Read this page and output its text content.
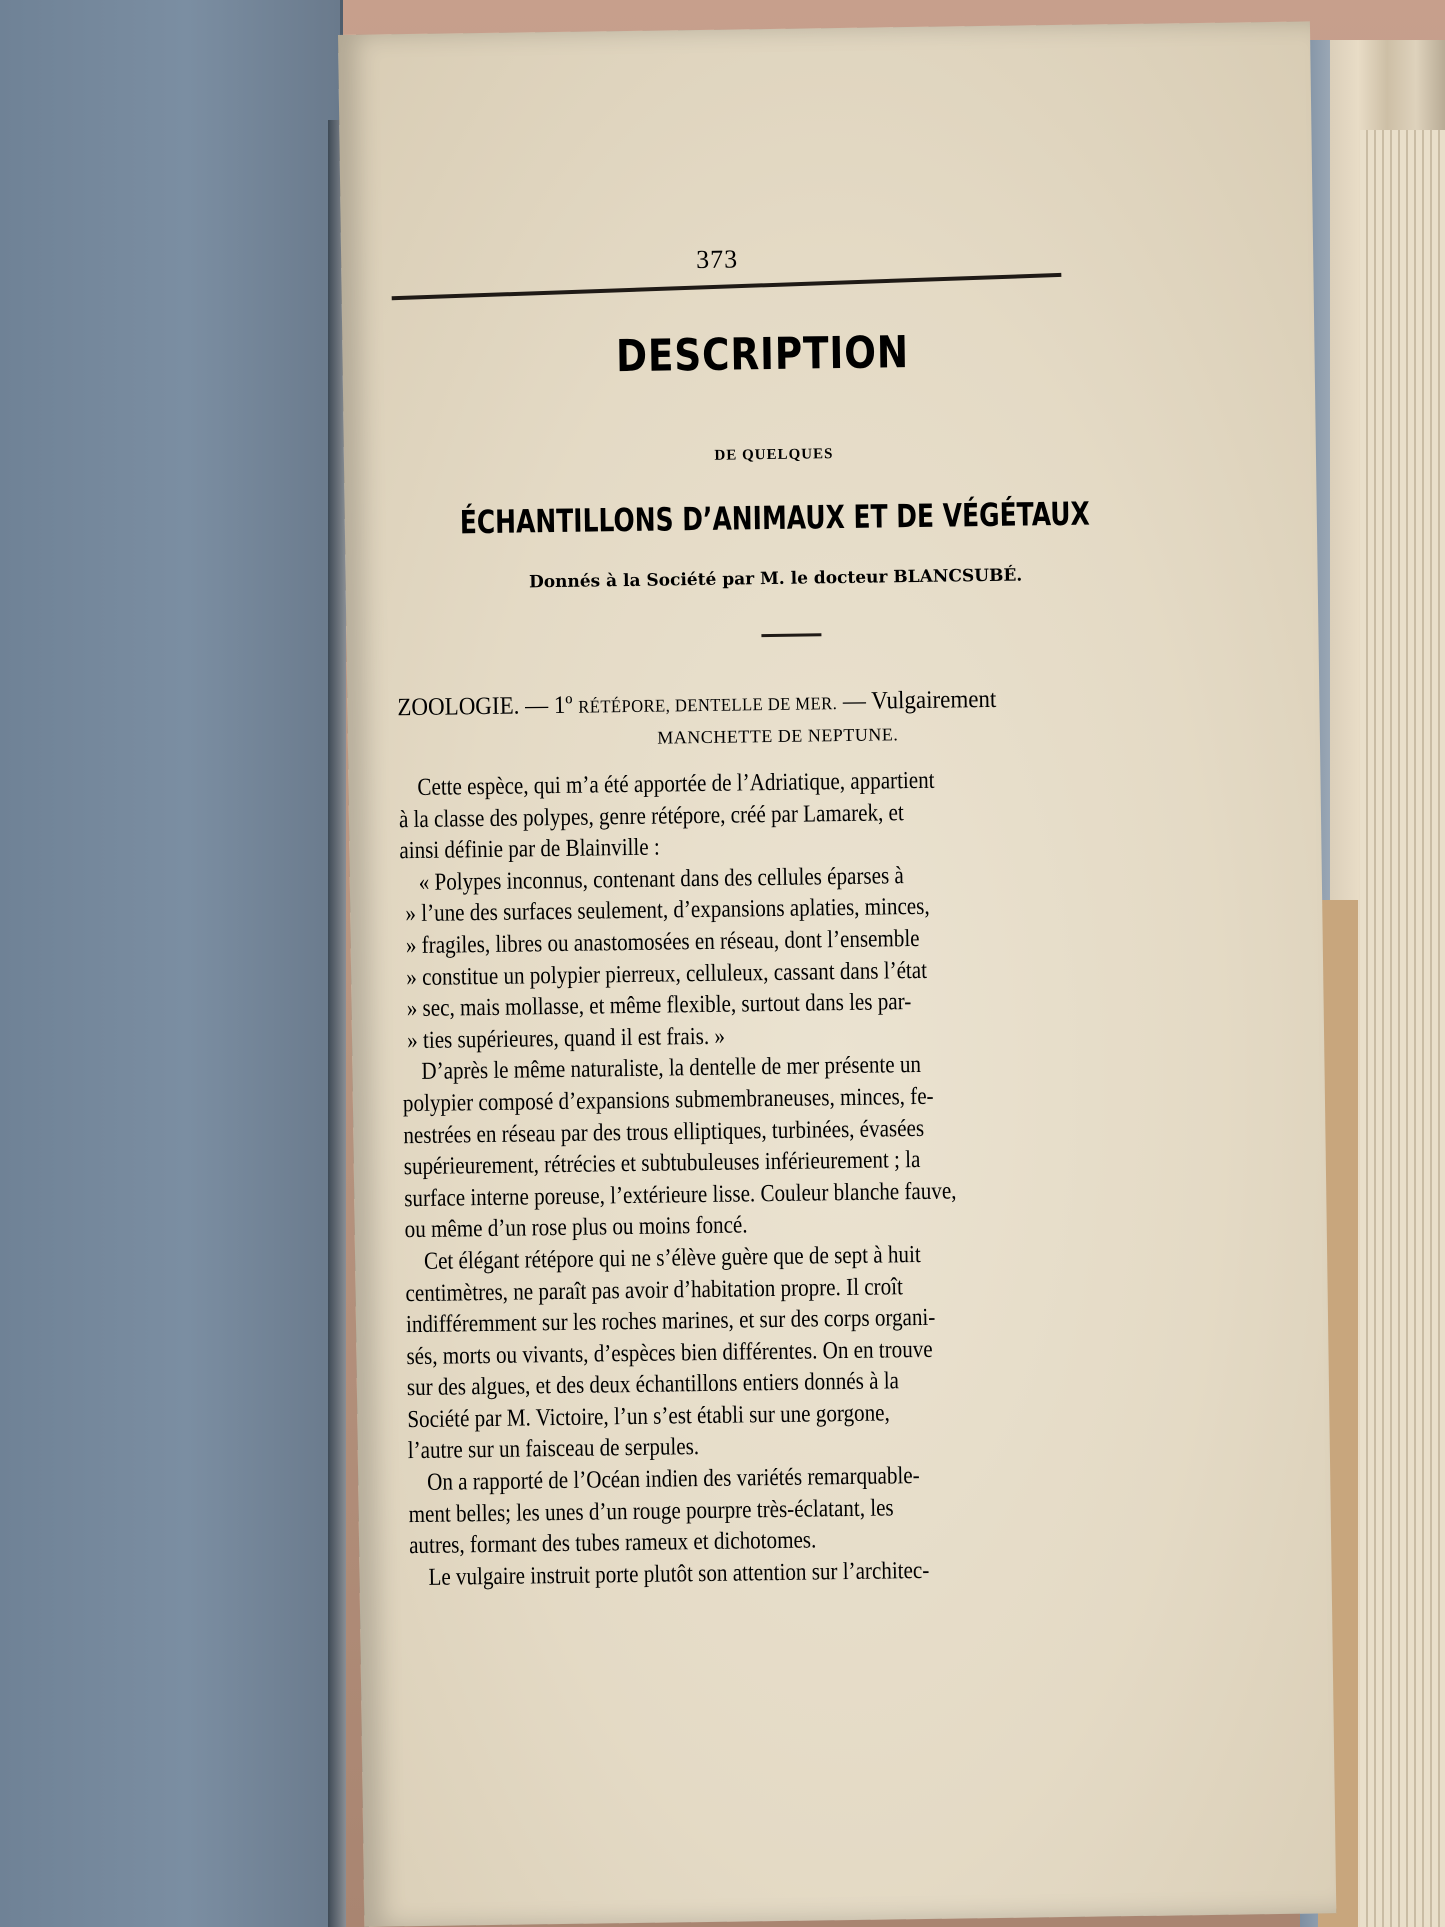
373
DESCRIPTION
DE QUELQUES
ÉCHANTILLONS D’ANIMAUX ET DE VÉGÉTAUX
Donnés à la Société par M. le docteur BLANCSUBÉ.
ZOOLOGIE. — 1º RÉTÉPORE, DENTELLE DE MER. — Vulgairement
MANCHETTE DE NEPTUNE.
Cette espèce, qui m’a été apportée de l’Adriatique, appartient
à la classe des polypes, genre rétépore, créé par Lamarek, et
ainsi définie par de Blainville :
« Polypes inconnus, contenant dans des cellules éparses à
» l’une des surfaces seulement, d’expansions aplaties, minces,
» fragiles, libres ou anastomosées en réseau, dont l’ensemble
» constitue un polypier pierreux, celluleux, cassant dans l’état
» sec, mais mollasse, et même flexible, surtout dans les par-
» ties supérieures, quand il est frais. »
D’après le même naturaliste, la dentelle de mer présente un
polypier composé d’expansions submembraneuses, minces, fe-
nestrées en réseau par des trous elliptiques, turbinées, évasées
supérieurement, rétrécies et subtubuleuses inférieurement ; la
surface interne poreuse, l’extérieure lisse. Couleur blanche fauve,
ou même d’un rose plus ou moins foncé.
Cet élégant rétépore qui ne s’élève guère que de sept à huit
centimètres, ne paraît pas avoir d’habitation propre. Il croît
indifféremment sur les roches marines, et sur des corps organi-
sés, morts ou vivants, d’espèces bien différentes. On en trouve
sur des algues, et des deux échantillons entiers donnés à la
Société par M. Victoire, l’un s’est établi sur une gorgone,
l’autre sur un faisceau de serpules.
On a rapporté de l’Océan indien des variétés remarquable-
ment belles; les unes d’un rouge pourpre très-éclatant, les
autres, formant des tubes rameux et dichotomes.
Le vulgaire instruit porte plutôt son attention sur l’architec-
